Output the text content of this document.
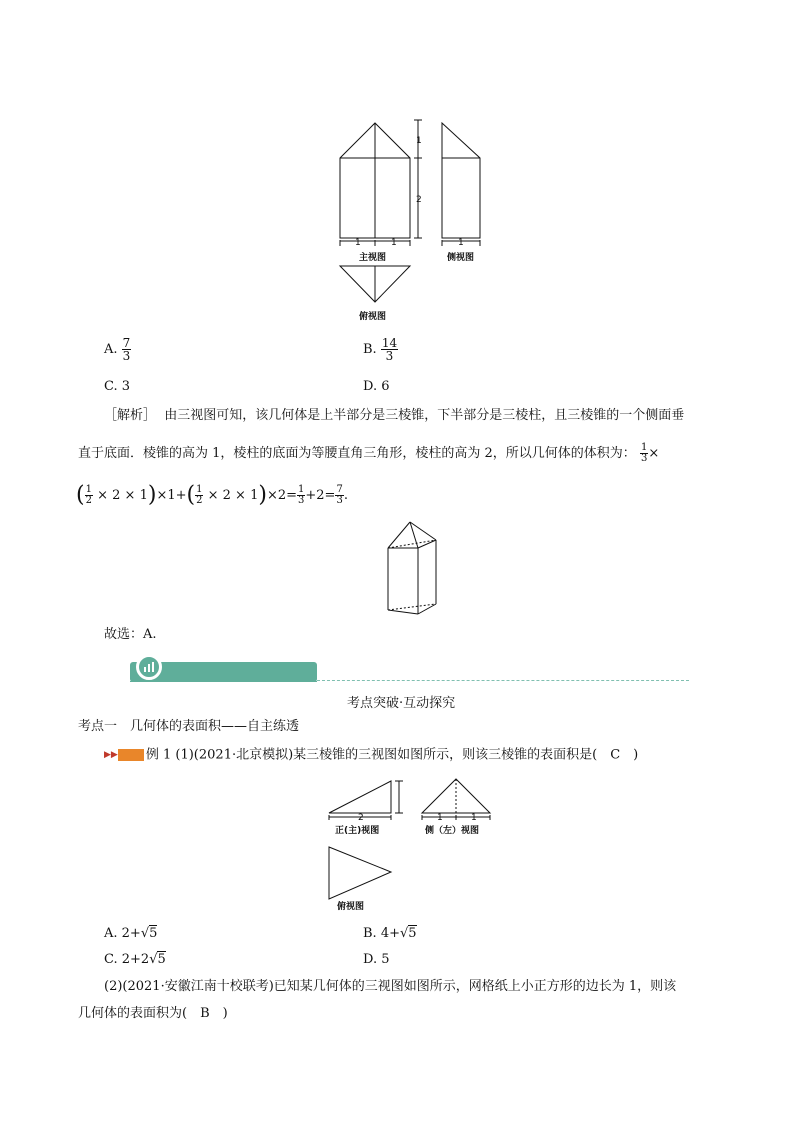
1
2
1	1	1
主视图	侧视图
俯视图
A. $\frac{7}{3}$	B. $\frac{14}{3}$
C. 3	D. 6
［解析］ 由三视图可知，该几何体是上半部分是三棱锥，下半部分是三棱柱，且三棱锥的一个侧面垂
直于底面．棱锥的高为 1，棱柱的底面为等腰直角三角形，棱柱的高为 2，所以几何体的体积为： $\frac{1}{3}$ ×
( $\frac{1}{2} \times 2 \times 1)\times 1+( \frac{1}{2} \times 2 \times 1)\times 2= \frac{1}{3} +2= \frac{7}{3}$ .
故选：A.
考点突破·互动探究
考点一　几何体的表面积——自主练透
▶▶ 例 1 (1)(2021·北京模拟)某三棱锥的三视图如图所示，则该三棱锥的表面积是(　C　)
2	1	1
正(主)视图	侧（左）视图
俯视图
A. 2+√5	B. 4+√5
C. 2+2√5	D. 5
(2)(2021·安徽江南十校联考)已知某几何体的三视图如图所示，网格纸上小正方形的边长为 1，则该
几何体的表面积为(　B　)
